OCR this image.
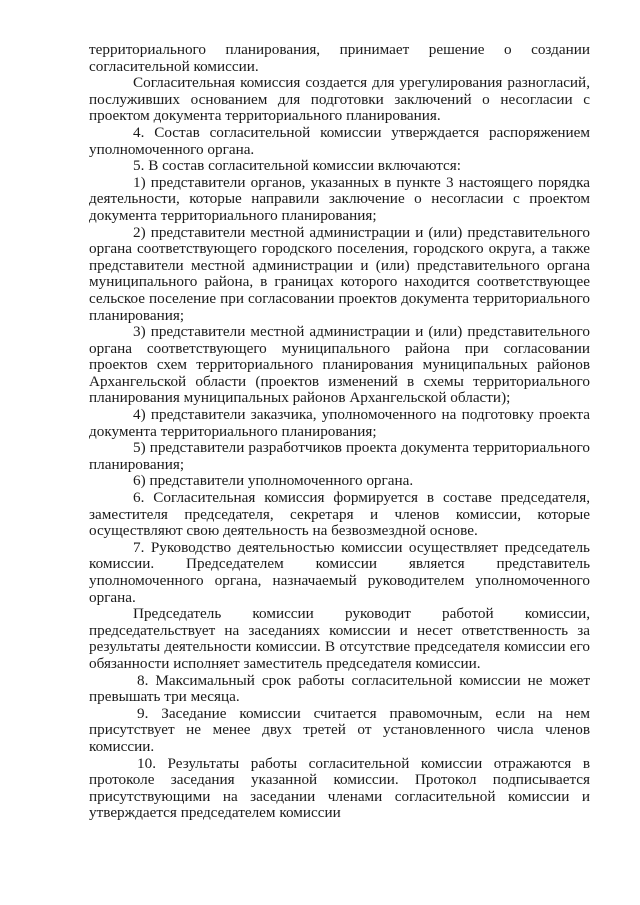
территориального планирования, принимает решение о создании согласительной комиссии.

Согласительная комиссия создается для урегулирования разногласий, послуживших основанием для подготовки заключений о несогласии с проектом документа территориального планирования.

4. Состав согласительной комиссии утверждается распоряжением уполномоченного органа.

5. В состав согласительной комиссии включаются:

1) представители органов, указанных в пункте 3 настоящего порядка деятельности, которые направили заключение о несогласии с проектом документа территориального планирования;

2) представители местной администрации и (или) представительного органа соответствующего городского поселения, городского округа, а также представители местной администрации и (или) представительного органа муниципального района, в границах которого находится соответствующее сельское поселение при согласовании проектов документа территориального планирования;

3) представители местной администрации и (или) представительного органа соответствующего муниципального района при согласовании проектов схем территориального планирования муниципальных районов Архангельской области (проектов изменений в схемы территориального планирования муниципальных районов Архангельской области);

4) представители заказчика, уполномоченного на подготовку проекта документа территориального планирования;

5) представители разработчиков проекта документа территориального планирования;

6) представители уполномоченного органа.

6. Согласительная комиссия формируется в составе председателя, заместителя председателя, секретаря и членов комиссии, которые осуществляют свою деятельность на безвозмездной основе.

7. Руководство деятельностью комиссии осуществляет председатель комиссии. Председателем комиссии является представитель уполномоченного органа, назначаемый руководителем уполномоченного органа.

Председатель комиссии руководит работой комиссии, председательствует на заседаниях комиссии и несет ответственность за результаты деятельности комиссии. В отсутствие председателя комиссии его обязанности исполняет заместитель председателя комиссии.

8. Максимальный срок работы согласительной комиссии не может превышать три месяца.

9. Заседание комиссии считается правомочным, если на нем присутствует не менее двух третей от установленного числа членов комиссии.

10. Результаты работы согласительной комиссии отражаются в протоколе заседания указанной комиссии. Протокол подписывается присутствующими на заседании членами согласительной комиссии и утверждается председателем комиссии
